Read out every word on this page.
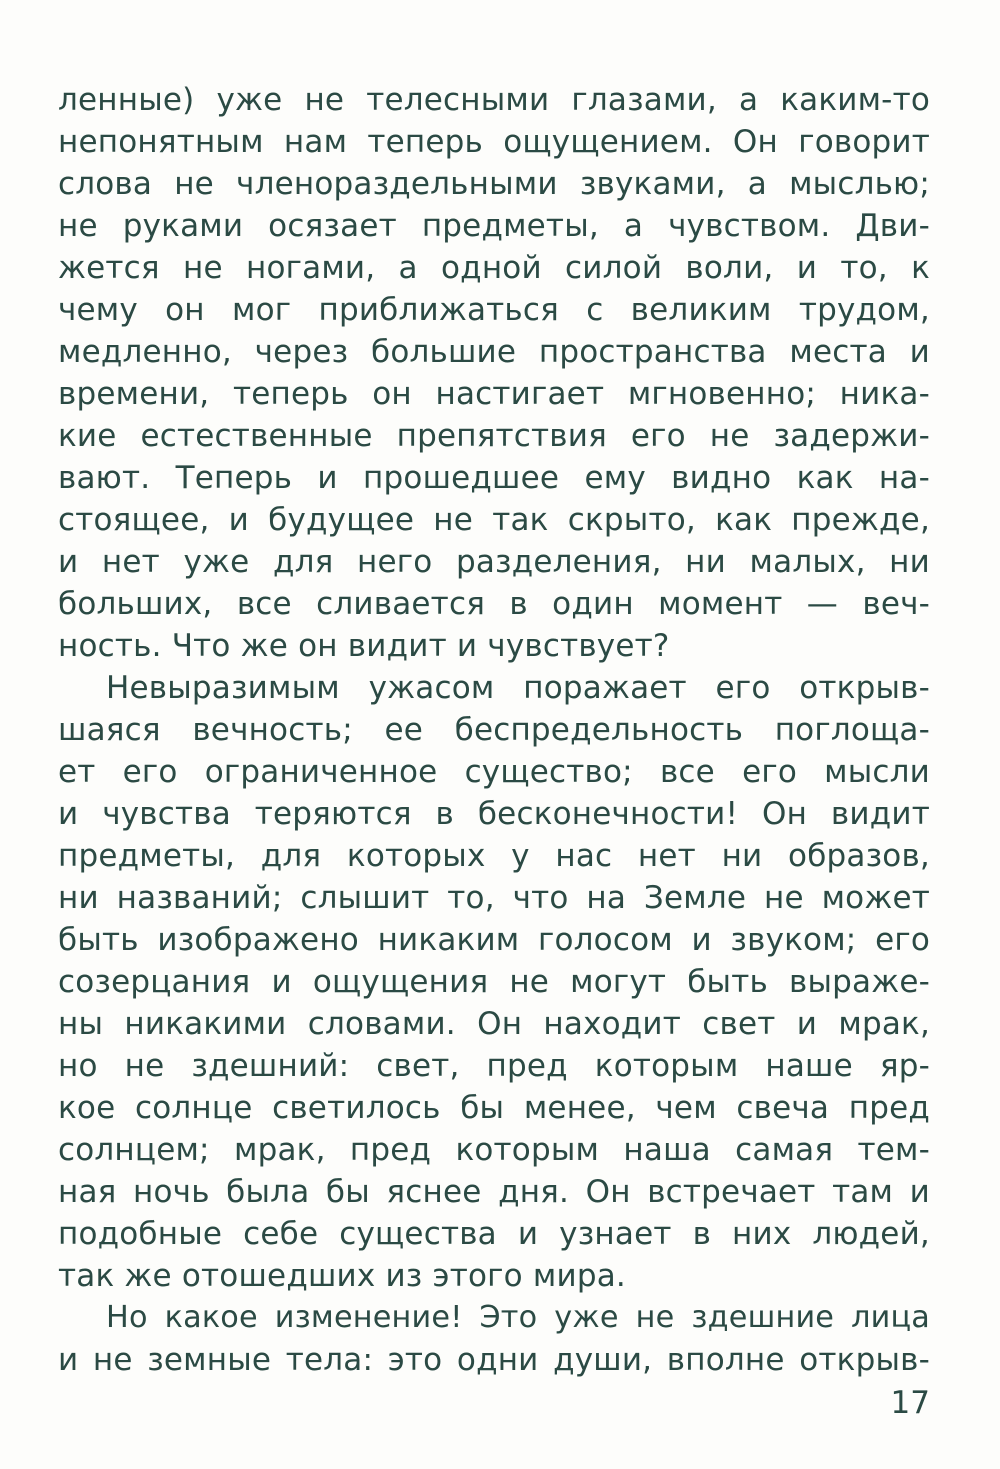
ленные) уже не телесными глазами, а каким-то
непонятным нам теперь ощущением. Он говорит
слова не членораздельными звуками, а мыслью;
не руками осязает предметы, а чувством. Дви-
жется не ногами, а одной силой воли, и то, к
чему он мог приближаться с великим трудом,
медленно, через большие пространства места и
времени, теперь он настигает мгновенно; ника-
кие естественные препятствия его не задержи-
вают. Теперь и прошедшее ему видно как на-
стоящее, и будущее не так скрыто, как прежде,
и нет уже для него разделения, ни малых, ни
больших, все сливается в один момент — веч-
ность. Что же он видит и чувствует?
Невыразимым ужасом поражает его открыв-
шаяся вечность; ее беспредельность поглоща-
ет его ограниченное существо; все его мысли
и чувства теряются в бесконечности! Он видит
предметы, для которых у нас нет ни образов,
ни названий; слышит то, что на Земле не может
быть изображено никаким голосом и звуком; его
созерцания и ощущения не могут быть выраже-
ны никакими словами. Он находит свет и мрак,
но не здешний: свет, пред которым наше яр-
кое солнце светилось бы менее, чем свеча пред
солнцем; мрак, пред которым наша самая тем-
ная ночь была бы яснее дня. Он встречает там и
подобные себе существа и узнает в них людей,
так же отошедших из этого мира.
Но какое изменение! Это уже не здешние лица
и не земные тела: это одни души, вполне открыв-
17
